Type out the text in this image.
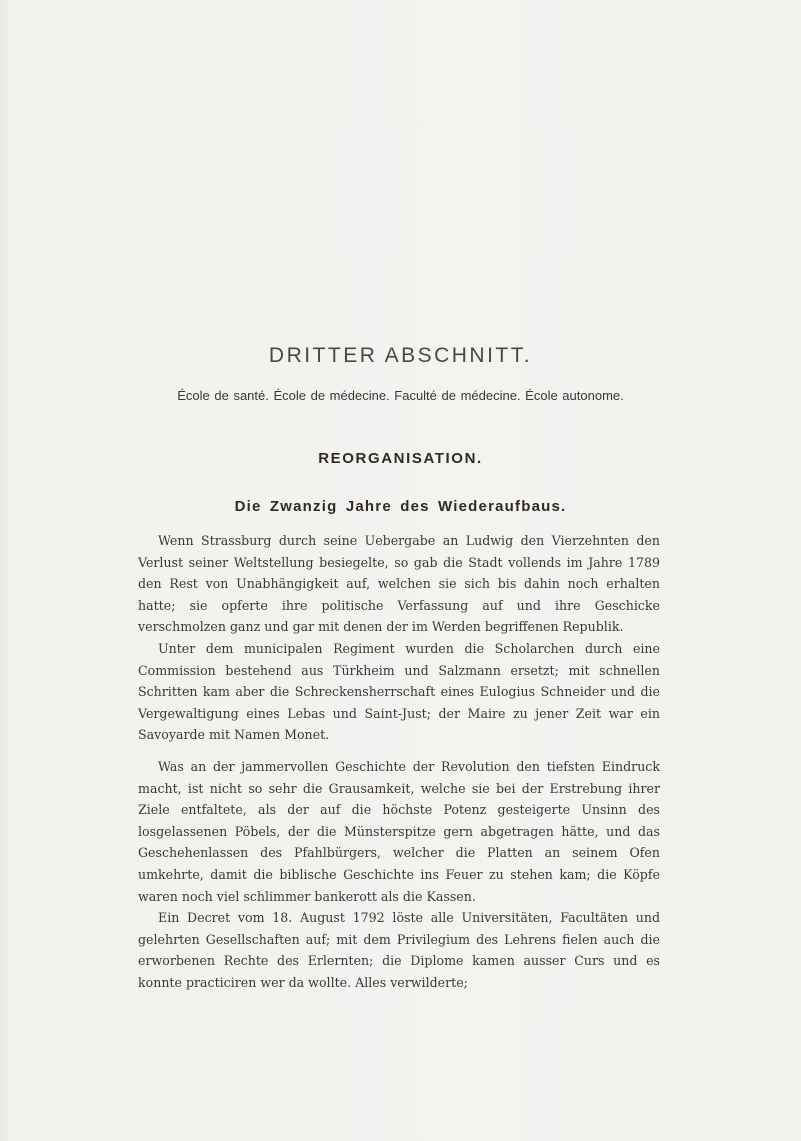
DRITTER ABSCHNITT.
École de santé. École de médecine. Faculté de médecine. École autonome.
REORGANISATION.
Die Zwanzig Jahre des Wiederaufbaus.

Wenn Strassburg durch seine Uebergabe an Ludwig den Vierzehnten den Verlust seiner Weltstellung besiegelte, so gab die Stadt vollends im Jahre 1789 den Rest von Unabhängigkeit auf, welchen sie sich bis dahin noch erhalten hatte; sie opferte ihre politische Verfassung auf und ihre Geschicke verschmolzen ganz und gar mit denen der im Werden begriffenen Republik.

Unter dem municipalen Regiment wurden die Scholarchen durch eine Commission bestehend aus Türkheim und Salzmann ersetzt; mit schnellen Schritten kam aber die Schreckensherrschaft eines Eulogius Schneider und die Vergewaltigung eines Lebas und Saint-Just; der Maire zu jener Zeit war ein Savoyarde mit Namen Monet.

Was an der jammervollen Geschichte der Revolution den tiefsten Eindruck macht, ist nicht so sehr die Grausamkeit, welche sie bei der Erstrebung ihrer Ziele entfaltete, als der auf die höchste Potenz gesteigerte Unsinn des losgelassenen Pöbels, der die Münsterspitze gern abgetragen hätte, und das Geschehenlassen des Pfahlbürgers, welcher die Platten an seinem Ofen umkehrte, damit die biblische Geschichte ins Feuer zu stehen kam; die Köpfe waren noch viel schlimmer bankerott als die Kassen.

Ein Decret vom 18. August 1792 löste alle Universitäten, Facultäten und gelehrten Gesellschaften auf; mit dem Privilegium des Lehrens fielen auch die erworbenen Rechte des Erlernten; die Diplome kamen ausser Curs und es konnte practiciren wer da wollte. Alles verwilderte;
